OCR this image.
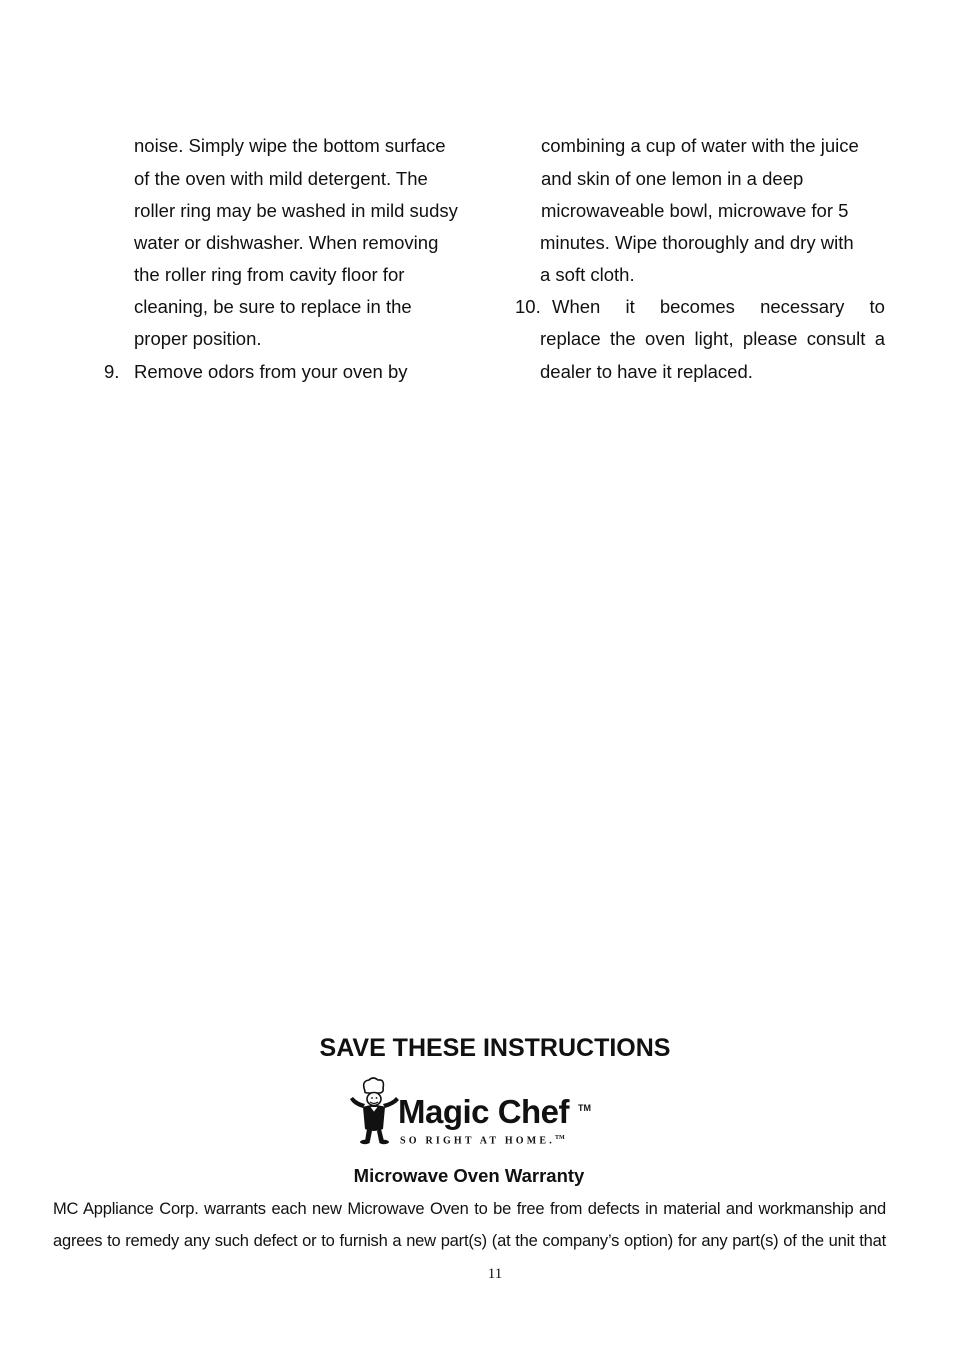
noise. Simply wipe the bottom surface
of the oven with mild detergent. The
roller ring may be washed in mild sudsy
water or dishwasher. When removing
the roller ring from cavity floor for
cleaning, be sure to replace in the
proper position.
9. Remove odors from your oven by
combining a cup of water with the juice
and skin of one lemon in a deep
microwaveable bowl, microwave for 5
minutes. Wipe thoroughly and dry with
a soft cloth.
10. When it becomes necessary to
replace the oven light, please consult a
dealer to have it replaced.
SAVE THESE INSTRUCTIONS
Magic Chef TM
SO RIGHT AT HOME.™
Microwave Oven Warranty
MC Appliance Corp. warrants each new Microwave Oven to be free from defects in material and workmanship and
agrees to remedy any such defect or to furnish a new part(s) (at the company’s option) for any part(s) of the unit that
11
